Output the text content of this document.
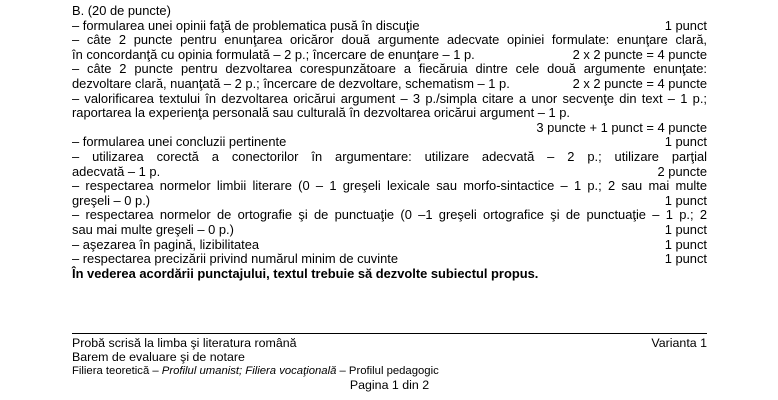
B. (20 de puncte)
– formularea unei opinii faţă de problematica pusă în discuţie	1 punct
– câte 2 puncte pentru enunţarea oricăror două argumente adecvate opiniei formulate: enunţare clară,
în concordanţă cu opinia formulată – 2 p.; încercare de enunţare – 1 p.	2 x 2 puncte = 4 puncte
– câte 2 puncte pentru dezvoltarea corespunzătoare a fiecăruia dintre cele două argumente enunţate:
dezvoltare clară, nuanţată – 2 p.; încercare de dezvoltare, schematism – 1 p.	2 x 2 puncte = 4 puncte
– valorificarea textului în dezvoltarea oricărui argument – 3 p./simpla citare a unor secvenţe din text – 1 p.;
raportarea la experienţa personală sau culturală în dezvoltarea oricărui argument – 1 p.
3 puncte + 1 punct = 4 puncte
– formularea unei concluzii pertinente	1 punct
– utilizarea corectă a conectorilor în argumentare: utilizare adecvată – 2 p.; utilizare parţial
adecvată – 1 p.	2 puncte
– respectarea normelor limbii literare (0 – 1 greşeli lexicale sau morfo-sintactice – 1 p.; 2 sau mai multe
greşeli – 0 p.)	1 punct
– respectarea normelor de ortografie şi de punctuaţie (0 –1 greşeli ortografice şi de punctuaţie – 1 p.; 2
sau mai multe greşeli – 0 p.)	1 punct
– aşezarea în pagină, lizibilitatea	1 punct
– respectarea precizării privind numărul minim de cuvinte	1 punct
În vederea acordării punctajului, textul trebuie să dezvolte subiectul propus.
Probă scrisă la limba şi literatura română	Varianta 1
Barem de evaluare şi de notare
Filiera teoretică – Profilul umanist; Filiera vocaţională – Profilul pedagogic
Pagina 1 din 2
